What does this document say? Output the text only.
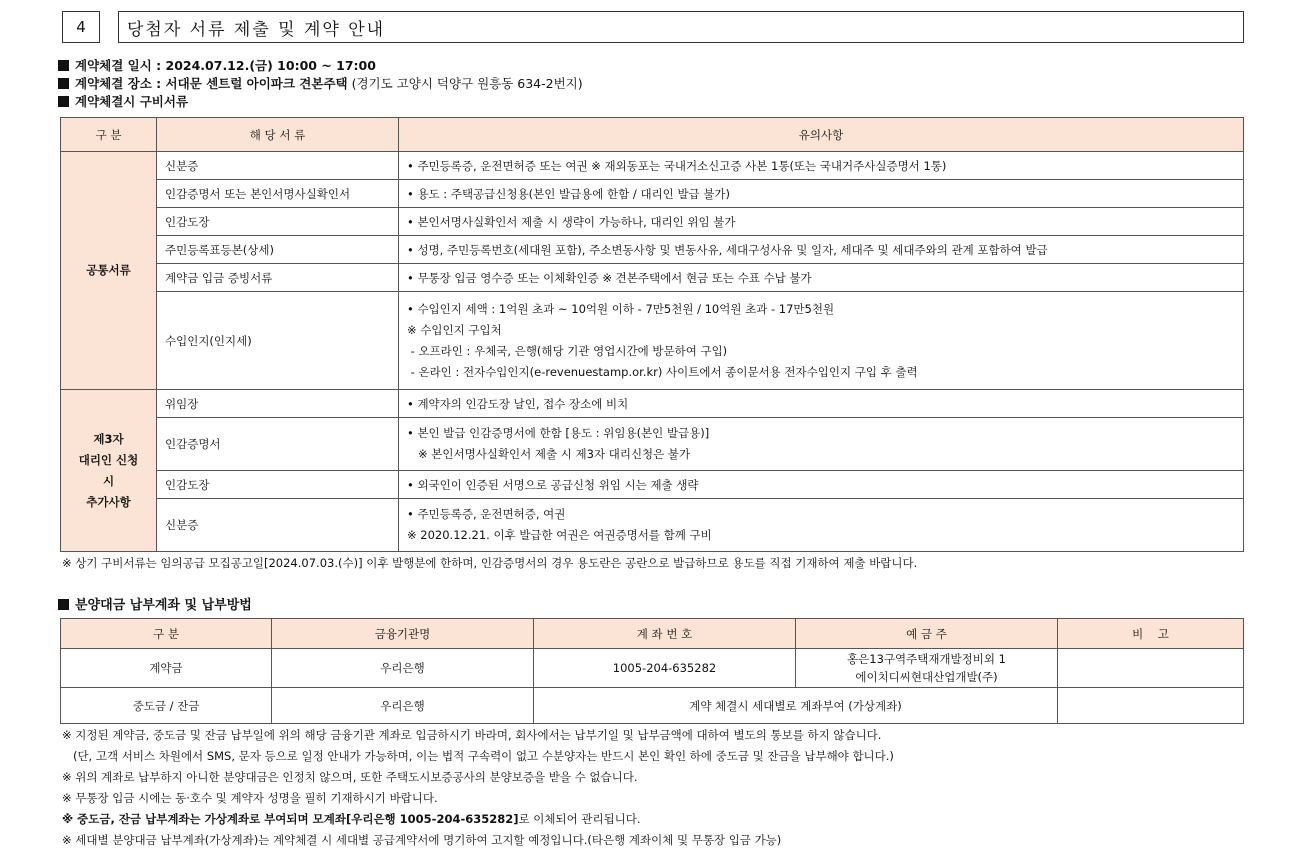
4	당첨자 서류 제출 및 계약 안내
계약체결 일시 : 2024.07.12.(금) 10:00 ~ 17:00
계약체결 장소 : 서대문 센트럴 아이파크 견본주택 (경기도 고양시 덕양구 원흥동 634-2번지)
계약체결시 구비서류
구 분	해 당 서 류	유의사항
공통서류	신분증	• 주민등록증, 운전면허증 또는 여권 ※ 재외동포는 국내거소신고증 사본 1통(또는 국내거주사실증명서 1통)
	인감증명서 또는 본인서명사실확인서	• 용도 : 주택공급신청용(본인 발급용에 한함 / 대리인 발급 불가)
	인감도장	• 본인서명사실확인서 제출 시 생략이 가능하나, 대리인 위임 불가
	주민등록표등본(상세)	• 성명, 주민등록번호(세대원 포함), 주소변동사항 및 변동사유, 세대구성사유 및 일자, 세대주 및 세대주와의 관계 포함하여 발급
	계약금 입금 증빙서류	• 무통장 입금 영수증 또는 이체확인증 ※ 견본주택에서 현금 또는 수표 수납 불가
	수입인지(인지세)	• 수입인지 세액 : 1억원 초과 ~ 10억원 이하 - 7만5천원 / 10억원 초과 - 17만5천원
※ 수입인지 구입처
- 오프라인 : 우체국, 은행(해당 기관 영업시간에 방문하여 구입)
- 온라인 : 전자수입인지(e-revenuestamp.or.kr) 사이트에서 종이문서용 전자수입인지 구입 후 출력

제3자
대리인 신청
시
추가사항	위임장	• 계약자의 인감도장 날인, 접수 장소에 비치
	인감증명서	• 본인 발급 인감증명서에 한함 [용도 : 위임용(본인 발급용)]
※ 본인서명사실확인서 제출 시 제3자 대리신청은 불가

	인감도장	• 외국인이 인증된 서명으로 공급신청 위임 시는 제출 생략
	신분증	• 주민등록증, 운전면허증, 여권
※ 2020.12.21. 이후 발급한 여권은 여권증명서를 함께 구비
※ 상기 구비서류는 임의공급 모집공고일[2024.07.03.(수)] 이후 발행분에 한하며, 인감증명서의 경우 용도란은 공란으로 발급하므로 용도를 직접 기재하여 제출 바랍니다.
분양대금 납부계좌 및 납부방법
구 분	금융기관명	계 좌 번 호	예 금 주	비    고
계약금	우리은행	1005-204-635282	홍은13구역주택재개발정비외 1
에이치디씨현대산업개발(주)	

중도금 / 잔금	우리은행	계약 체결시 세대별로 계좌부여 (가상계좌)		
※ 지정된 계약금, 중도금 및 잔금 납부일에 위의 해당 금융기관 계좌로 입금하시기 바라며, 회사에서는 납부기일 및 납부금액에 대하여 별도의 통보를 하지 않습니다.
(단, 고객 서비스 차원에서 SMS, 문자 등으로 일정 안내가 가능하며, 이는 법적 구속력이 없고 수분양자는 반드시 본인 확인 하에 중도금 및 잔금을 납부해야 합니다.)
※ 위의 계좌로 납부하지 아니한 분양대금은 인정치 않으며, 또한 주택도시보증공사의 분양보증을 받을 수 없습니다.
※ 무통장 입금 시에는 동·호수 및 계약자 성명을 필히 기재하시기 바랍니다.
※ 중도금, 잔금 납부계좌는 가상계좌로 부여되며 모계좌[우리은행 1005-204-635282]로 이체되어 관리됩니다.
※ 세대별 분양대금 납부계좌(가상계좌)는 계약체결 시 세대별 공급계약서에 명기하여 고지할 예정입니다.(타은행 계좌이체 및 무통장 입금 가능)
